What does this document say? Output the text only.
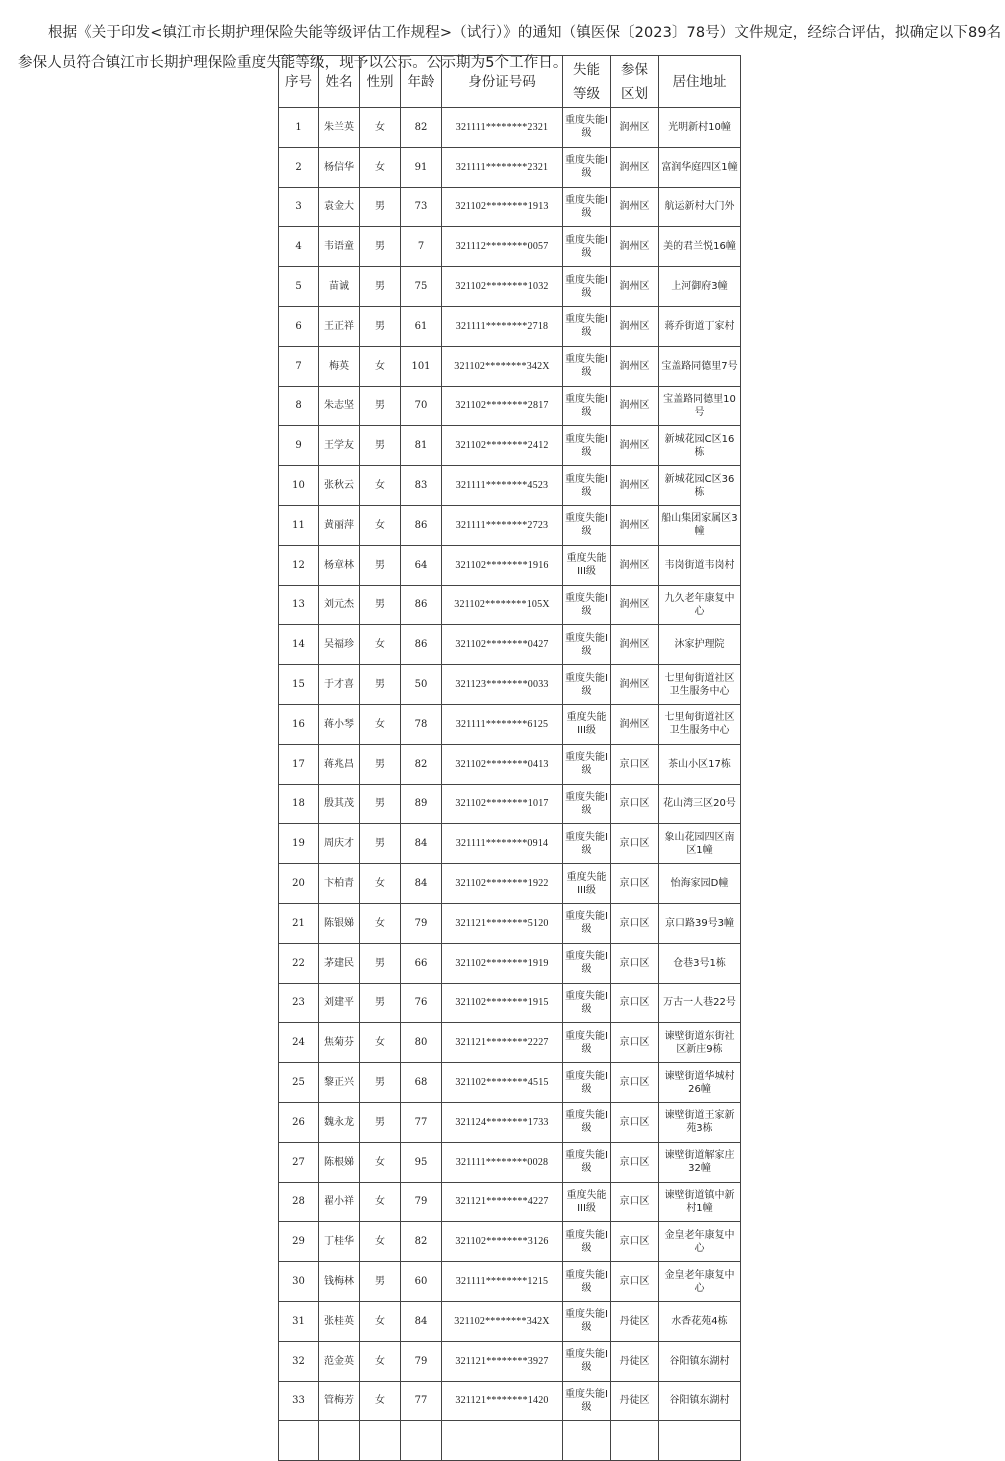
根据《关于印发<镇江市长期护理保险失能等级评估工作规程>（试行）》的通知（镇医保〔2023〕78号）文件规定，经综合评估，拟确定以下89名参保人员符合镇江市长期护理保险重度失能等级，现予以公示。公示期为5个工作日。

序号	姓名	性别	年龄	身份证号码	失能等级	参保区划	居住地址
1	朱兰英	女	82	321111********2321	重度失能I级	润州区	光明新村10幢
2	杨信华	女	91	321111********2321	重度失能I级	润州区	富润华庭四区1幢
3	袁金大	男	73	321102********1913	重度失能I级	润州区	航运新村大门外
4	韦语童	男	7	321112********0057	重度失能I级	润州区	美的君兰悦16幢
5	苗诚	男	75	321102********1032	重度失能I级	润州区	上河御府3幢
6	王正祥	男	61	321111********2718	重度失能I级	润州区	蒋乔街道丁家村
7	梅英	女	101	321102********342X	重度失能I级	润州区	宝盖路同德里7号
8	朱志坚	男	70	321102********2817	重度失能I级	润州区	宝盖路同德里10号
9	王学友	男	81	321102********2412	重度失能I级	润州区	新城花园C区16栋
10	张秋云	女	83	321111********4523	重度失能I级	润州区	新城花园C区36栋
11	黄丽萍	女	86	321111********2723	重度失能I级	润州区	船山集团家属区3幢
12	杨章林	男	64	321102********1916	重度失能III级	润州区	韦岗街道韦岗村
13	刘元杰	男	86	321102********105X	重度失能I级	润州区	九久老年康复中心
14	吴福珍	女	86	321102********0427	重度失能I级	润州区	沐家护理院
15	于才喜	男	50	321123********0033	重度失能I级	润州区	七里甸街道社区卫生服务中心
16	蒋小琴	女	78	321111********6125	重度失能III级	润州区	七里甸街道社区卫生服务中心
17	蒋兆昌	男	82	321102********0413	重度失能I级	京口区	茶山小区17栋
18	殷其茂	男	89	321102********1017	重度失能I级	京口区	花山湾三区20号
19	周庆才	男	84	321111********0914	重度失能I级	京口区	象山花园四区南区1幢
20	卞柏青	女	84	321102********1922	重度失能III级	京口区	怡海家园D幢
21	陈银娣	女	79	321121********5120	重度失能I级	京口区	京口路39号3幢
22	茅建民	男	66	321102********1919	重度失能I级	京口区	仓巷3号1栋
23	刘建平	男	76	321102********1915	重度失能I级	京口区	万古一人巷22号
24	焦菊芬	女	80	321121********2227	重度失能I级	京口区	谏壁街道东街社区新庄9栋
25	黎正兴	男	68	321102********4515	重度失能I级	京口区	谏壁街道华城村26幢
26	魏永龙	男	77	321124********1733	重度失能I级	京口区	谏壁街道王家新苑3栋
27	陈根娣	女	95	321111********0028	重度失能I级	京口区	谏壁街道解家庄32幢
28	翟小祥	女	79	321121********4227	重度失能III级	京口区	谏壁街道镇中新村1幢
29	丁桂华	女	82	321102********3126	重度失能I级	京口区	金皇老年康复中心
30	钱梅林	男	60	321111********1215	重度失能I级	京口区	金皇老年康复中心
31	张桂英	女	84	321102********342X	重度失能I级	丹徒区	水香花苑4栋
32	范金英	女	79	321121********3927	重度失能I级	丹徒区	谷阳镇东湖村
33	管梅芳	女	77	321121********1420	重度失能I级	丹徒区	谷阳镇东湖村
